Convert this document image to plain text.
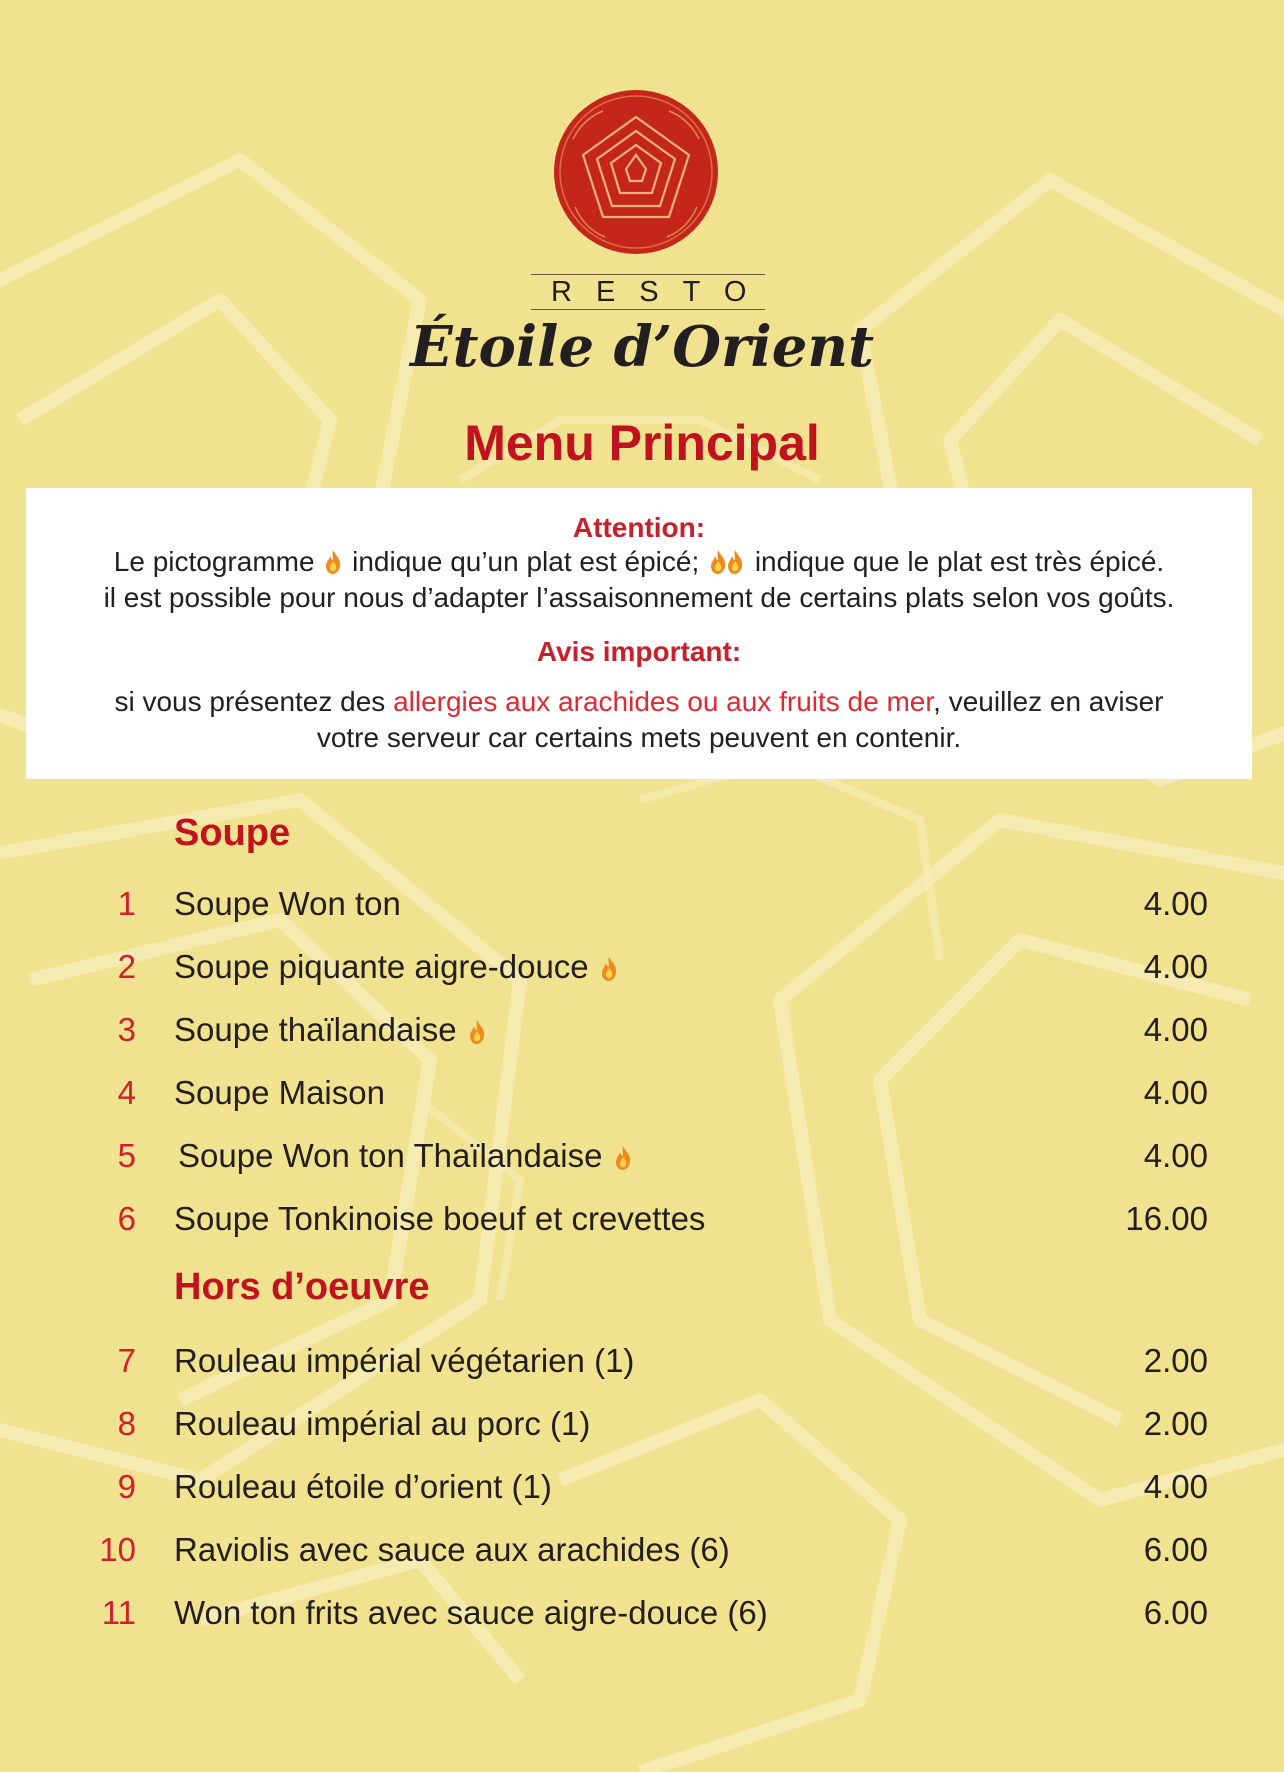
RESTO
Étoile d’Orient
Menu Principal
Attention:
Le pictogramme indique qu’un plat est épicé; indique que le plat est très épicé.
il est possible pour nous d’adapter l’assaisonnement de certains plats selon vos goûts.
Avis important:
si vous présentez des allergies aux arachides ou aux fruits de mer, veuillez en aviser
votre serveur car certains mets peuvent en contenir.
Soupe
1 Soupe Won ton	4.00
2 Soupe piquante aigre-douce	4.00
3 Soupe thaïlandaise	4.00
4 Soupe Maison	4.00
5 Soupe Won ton Thaïlandaise	4.00
6 Soupe Tonkinoise boeuf et crevettes	16.00
Hors d’oeuvre
7 Rouleau impérial végétarien (1)	2.00
8 Rouleau impérial au porc (1)	2.00
9 Rouleau étoile d’orient (1)	4.00
10 Raviolis avec sauce aux arachides (6)	6.00
11 Won ton frits avec sauce aigre-douce (6)	6.00
